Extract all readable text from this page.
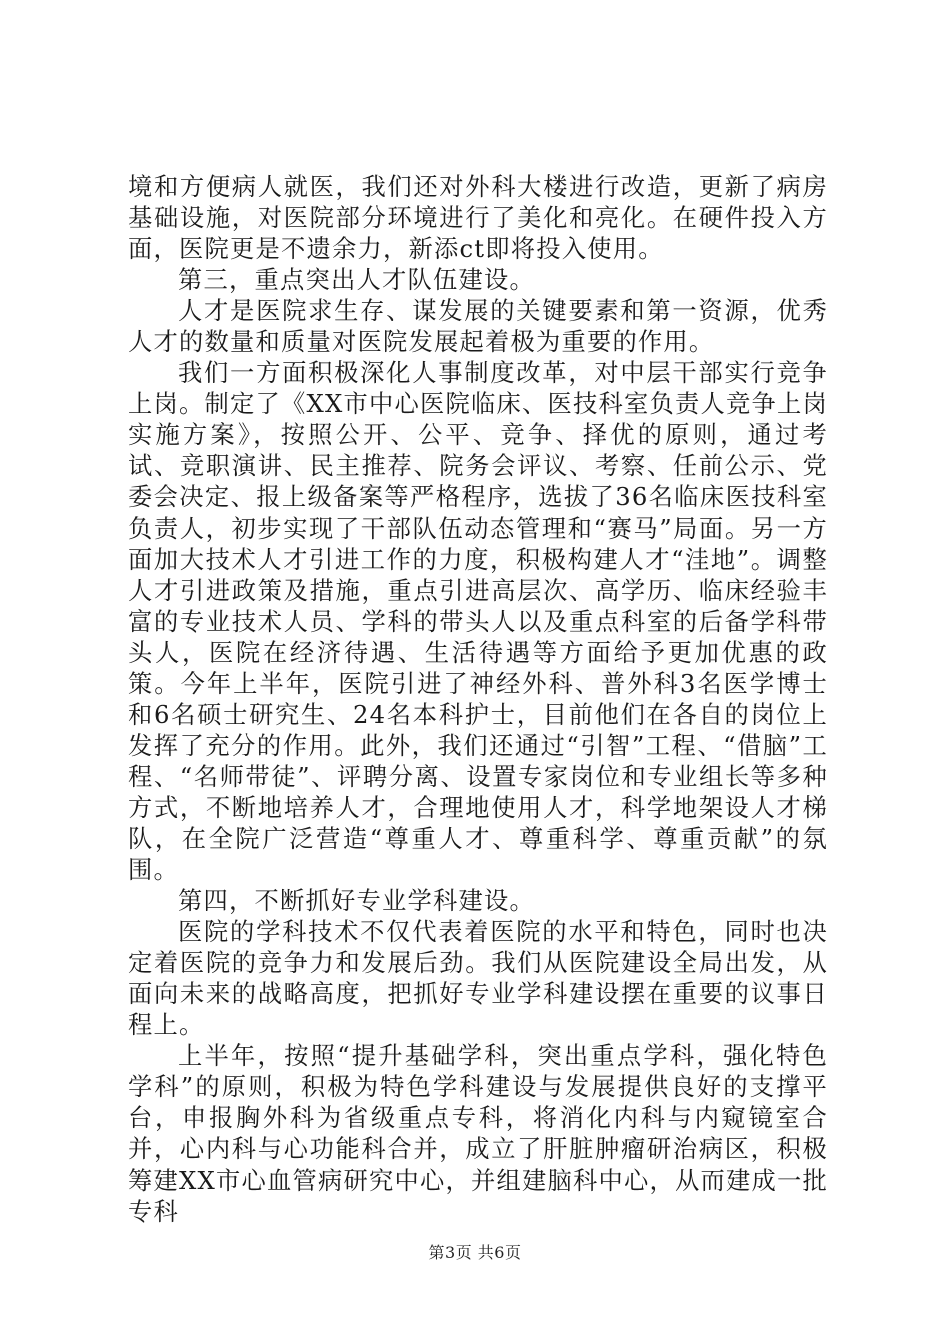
境和方便病人就医，我们还对外科大楼进行改造，更新了病房基础设施，对医院部分环境进行了美化和亮化。在硬件投入方面，医院更是不遗余力，新添ct即将投入使用。

第三，重点突出人才队伍建设。

人才是医院求生存、谋发展的关键要素和第一资源，优秀人才的数量和质量对医院发展起着极为重要的作用。

我们一方面积极深化人事制度改革，对中层干部实行竞争上岗。制定了《XX市中心医院临床、医技科室负责人竞争上岗实施方案》，按照公开、公平、竞争、择优的原则，通过考试、竞职演讲、民主推荐、院务会评议、考察、任前公示、党委会决定、报上级备案等严格程序，选拔了36名临床医技科室负责人，初步实现了干部队伍动态管理和“赛马”局面。另一方面加大技术人才引进工作的力度，积极构建人才“洼地”。调整人才引进政策及措施，重点引进高层次、高学历、临床经验丰富的专业技术人员、学科的带头人以及重点科室的后备学科带头人，医院在经济待遇、生活待遇等方面给予更加优惠的政策。今年上半年，医院引进了神经外科、普外科3名医学博士和6名硕士研究生、24名本科护士，目前他们在各自的岗位上发挥了充分的作用。此外，我们还通过“引智”工程、“借脑”工程、“名师带徒”、评聘分离、设置专家岗位和专业组长等多种方式，不断地培养人才，合理地使用人才，科学地架设人才梯队，在全院广泛营造“尊重人才、尊重科学、尊重贡献”的氛围。

第四，不断抓好专业学科建设。

医院的学科技术不仅代表着医院的水平和特色，同时也决定着医院的竞争力和发展后劲。我们从医院建设全局出发，从面向未来的战略高度，把抓好专业学科建设摆在重要的议事日程上。

上半年，按照“提升基础学科，突出重点学科，强化特色学科”的原则，积极为特色学科建设与发展提供良好的支撑平台，申报胸外科为省级重点专科，将消化内科与内窥镜室合并，心内科与心功能科合并，成立了肝脏肿瘤研治病区，积极筹建XX市心血管病研究中心，并组建脑科中心，从而建成一批专科

第3页 共6页
